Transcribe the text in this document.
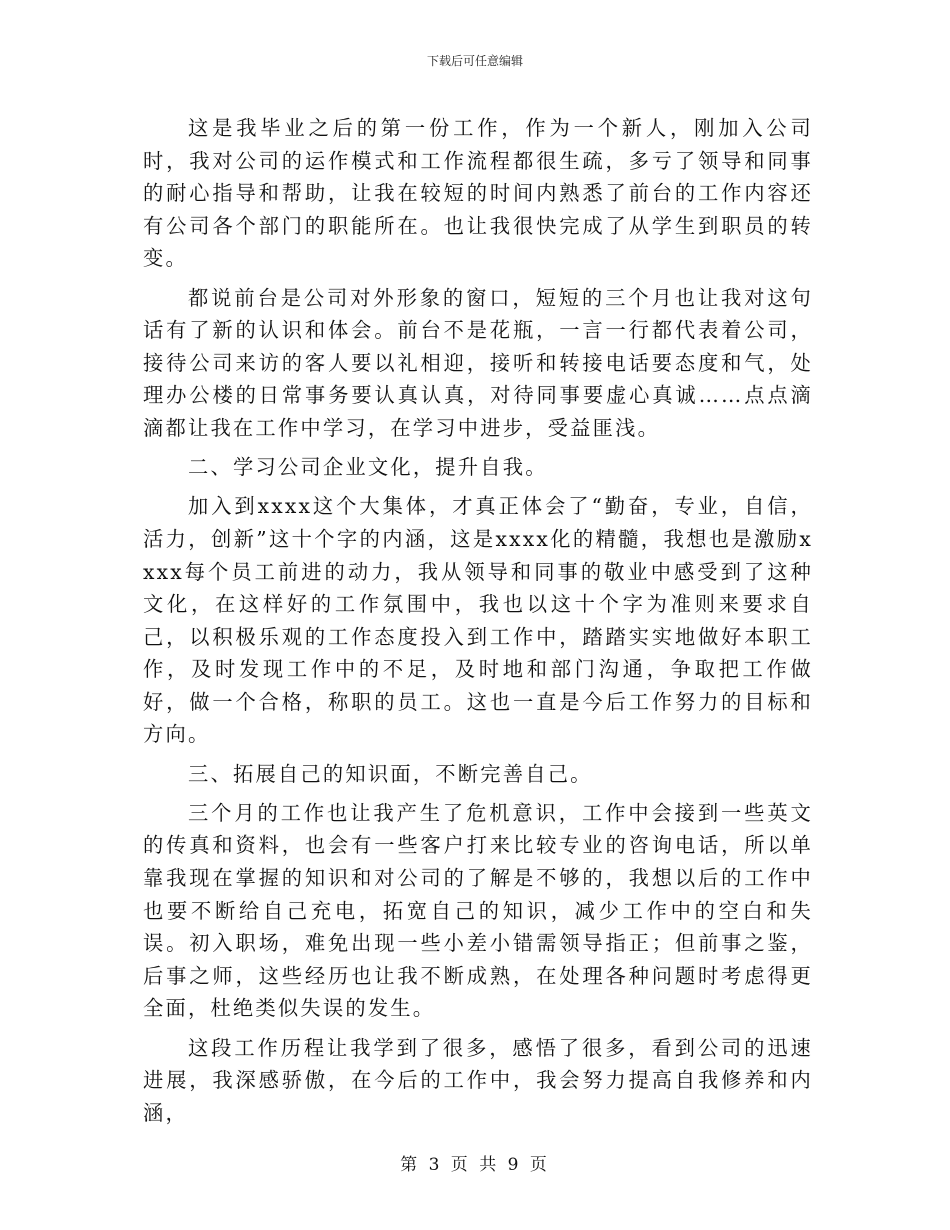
下载后可任意编辑

这是我毕业之后的第一份工作，作为一个新人，刚加入公司时，我对公司的运作模式和工作流程都很生疏，多亏了领导和同事的耐心指导和帮助，让我在较短的时间内熟悉了前台的工作内容还有公司各个部门的职能所在。也让我很快完成了从学生到职员的转变。

都说前台是公司对外形象的窗口，短短的三个月也让我对这句话有了新的认识和体会。前台不是花瓶，一言一行都代表着公司，接待公司来访的客人要以礼相迎，接听和转接电话要态度和气，处理办公楼的日常事务要认真认真，对待同事要虚心真诚……点点滴滴都让我在工作中学习，在学习中进步，受益匪浅。

二、学习公司企业文化，提升自我。

加入到xxxx这个大集体，才真正体会了“勤奋，专业，自信，活力，创新”这十个字的内涵，这是xxxx化的精髓，我想也是激励xxxx每个员工前进的动力，我从领导和同事的敬业中感受到了这种文化，在这样好的工作氛围中，我也以这十个字为准则来要求自己，以积极乐观的工作态度投入到工作中，踏踏实实地做好本职工作，及时发现工作中的不足，及时地和部门沟通，争取把工作做好，做一个合格，称职的员工。这也一直是今后工作努力的目标和方向。

三、拓展自己的知识面，不断完善自己。

三个月的工作也让我产生了危机意识，工作中会接到一些英文的传真和资料，也会有一些客户打来比较专业的咨询电话，所以单靠我现在掌握的知识和对公司的了解是不够的，我想以后的工作中也要不断给自己充电，拓宽自己的知识，减少工作中的空白和失误。初入职场，难免出现一些小差小错需领导指正；但前事之鉴，后事之师，这些经历也让我不断成熟，在处理各种问题时考虑得更全面，杜绝类似失误的发生。

这段工作历程让我学到了很多，感悟了很多，看到公司的迅速进展，我深感骄傲，在今后的工作中，我会努力提高自我修养和内涵，

第 3 页 共 9 页
